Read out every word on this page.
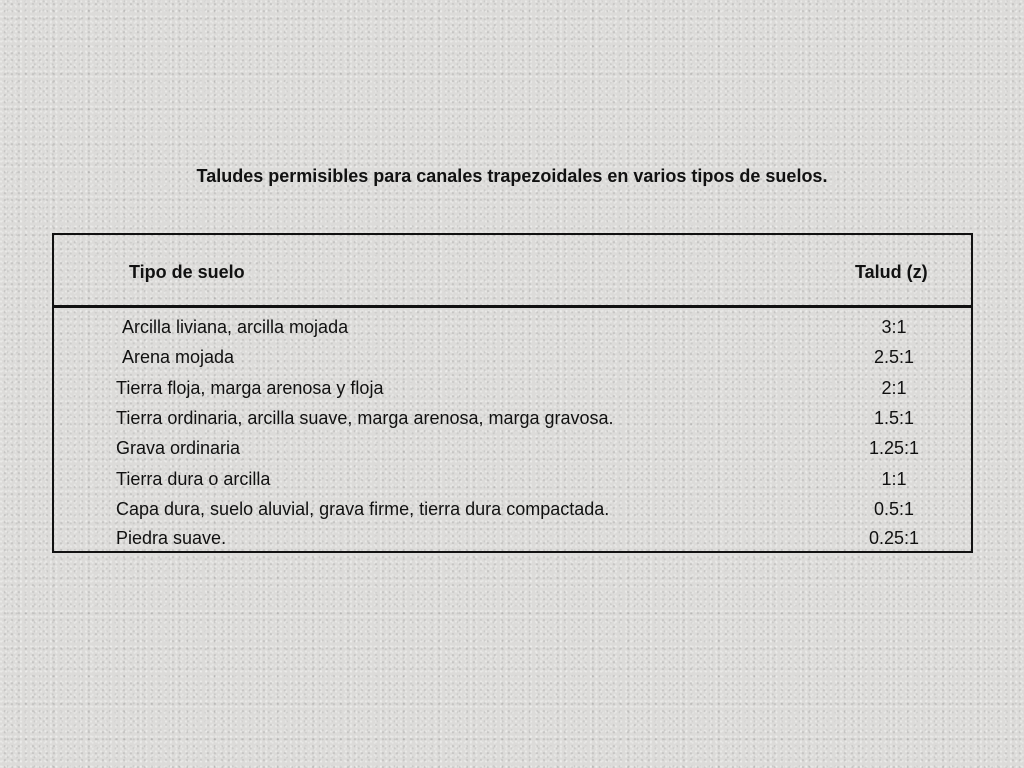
Taludes permisibles para canales trapezoidales en varios tipos de suelos.
Tipo de suelo	Talud (z)
Arcilla liviana, arcilla mojada	3:1
Arena mojada	2.5:1
Tierra floja, marga arenosa y floja	2:1
Tierra ordinaria, arcilla suave, marga arenosa, marga gravosa.	1.5:1
Grava ordinaria	1.25:1
Tierra dura o arcilla	1:1
Capa dura, suelo aluvial, grava firme, tierra dura compactada.	0.5:1
Piedra suave.	0.25:1
